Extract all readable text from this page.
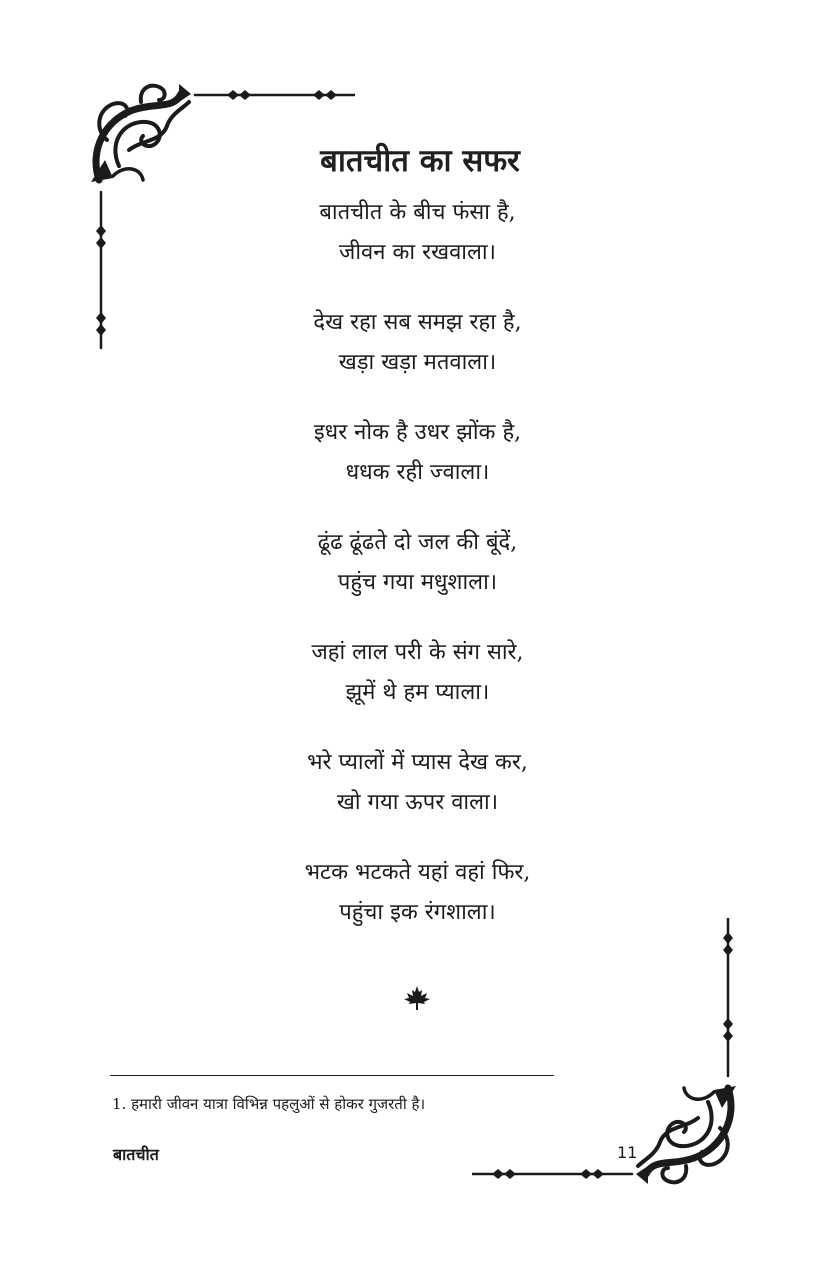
बातचीत का सफर
बातचीत के बीच फंसा है,
जीवन का रखवाला।
देख रहा सब समझ रहा है,
खड़ा खड़ा मतवाला।
इधर नोक है उधर झोंक है,
धधक रही ज्वाला।
ढूंढ ढूंढते दो जल की बूंदें,
पहुंच गया मधुशाला।
जहां लाल परी के संग सारे,
झूमें थे हम प्याला।
भरे प्यालों में प्यास देख कर,
खो गया ऊपर वाला।
भटक भटकते यहां वहां फिर,
पहुंचा इक रंगशाला।
1. हमारी जीवन यात्रा विभिन्न पहलुओं से होकर गुजरती है।
बातचीत	11
